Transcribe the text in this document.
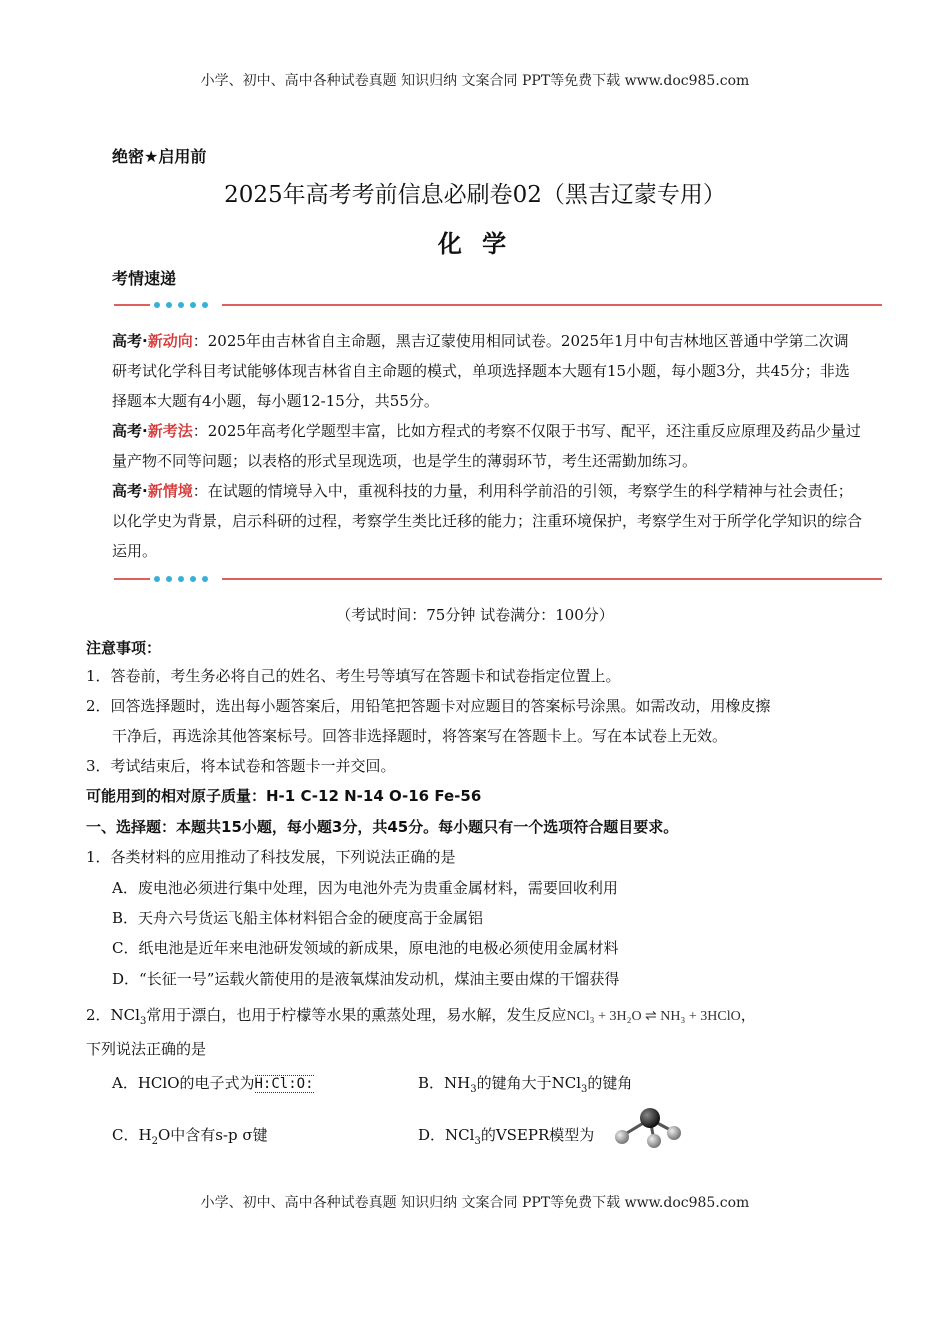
小学、初中、高中各种试卷真题 知识归纳 文案合同 PPT等免费下载 www.doc985.com
绝密★启用前
2025年高考考前信息必刷卷02（黑吉辽蒙专用）
化 学
考情速递
高考·新动向：2025年由吉林省自主命题，黑吉辽蒙使用相同试卷。2025年1月中旬吉林地区普通中学第二次调研考试化学科目考试能够体现吉林省自主命题的模式，单项选择题本大题有15小题，每小题3分，共45分；非选择题本大题有4小题，每小题12-15分，共55分。
高考·新考法：2025年高考化学题型丰富，比如方程式的考察不仅限于书写、配平，还注重反应原理及药品少量过量产物不同等问题；以表格的形式呈现选项，也是学生的薄弱环节，考生还需勤加练习。
高考·新情境：在试题的情境导入中，重视科技的力量，利用科学前沿的引领，考察学生的科学精神与社会责任；以化学史为背景，启示科研的过程，考察学生类比迁移的能力；注重环境保护，考察学生对于所学化学知识的综合运用。
（考试时间：75分钟 试卷满分：100分）
注意事项：
1．答卷前，考生务必将自己的姓名、考生号等填写在答题卡和试卷指定位置上。
2．回答选择题时，选出每小题答案后，用铅笔把答题卡对应题目的答案标号涂黑。如需改动，用橡皮擦
干净后，再选涂其他答案标号。回答非选择题时，将答案写在答题卡上。写在本试卷上无效。
3．考试结束后，将本试卷和答题卡一并交回。
可能用到的相对原子质量：H-1 C-12 N-14 O-16 Fe-56
一、选择题：本题共15小题，每小题3分，共45分。每小题只有一个选项符合题目要求。
1．各类材料的应用推动了科技发展，下列说法正确的是
A．废电池必须进行集中处理，因为电池外壳为贵重金属材料，需要回收利用
B．天舟六号货运飞船主体材料铝合金的硬度高于金属铝
C．纸电池是近年来电池研发领域的新成果，原电池的电极必须使用金属材料
D．“长征一号”运载火箭使用的是液氧煤油发动机，煤油主要由煤的干馏获得
2．NCl$_3$常用于漂白，也用于柠檬等水果的熏蒸处理，易水解，发生反应NCl₃ + 3H₂O ⇌ NH₃ + 3HClO，
下列说法正确的是
A．HClO的电子式为H:Cl:O:	B．$NH_3$的键角大于NCl$_3$的键角
C．$H_2O$中含有s-p σ键	D．NCl$_3$的VSEPR模型为
小学、初中、高中各种试卷真题 知识归纳 文案合同 PPT等免费下载 www.doc985.com
